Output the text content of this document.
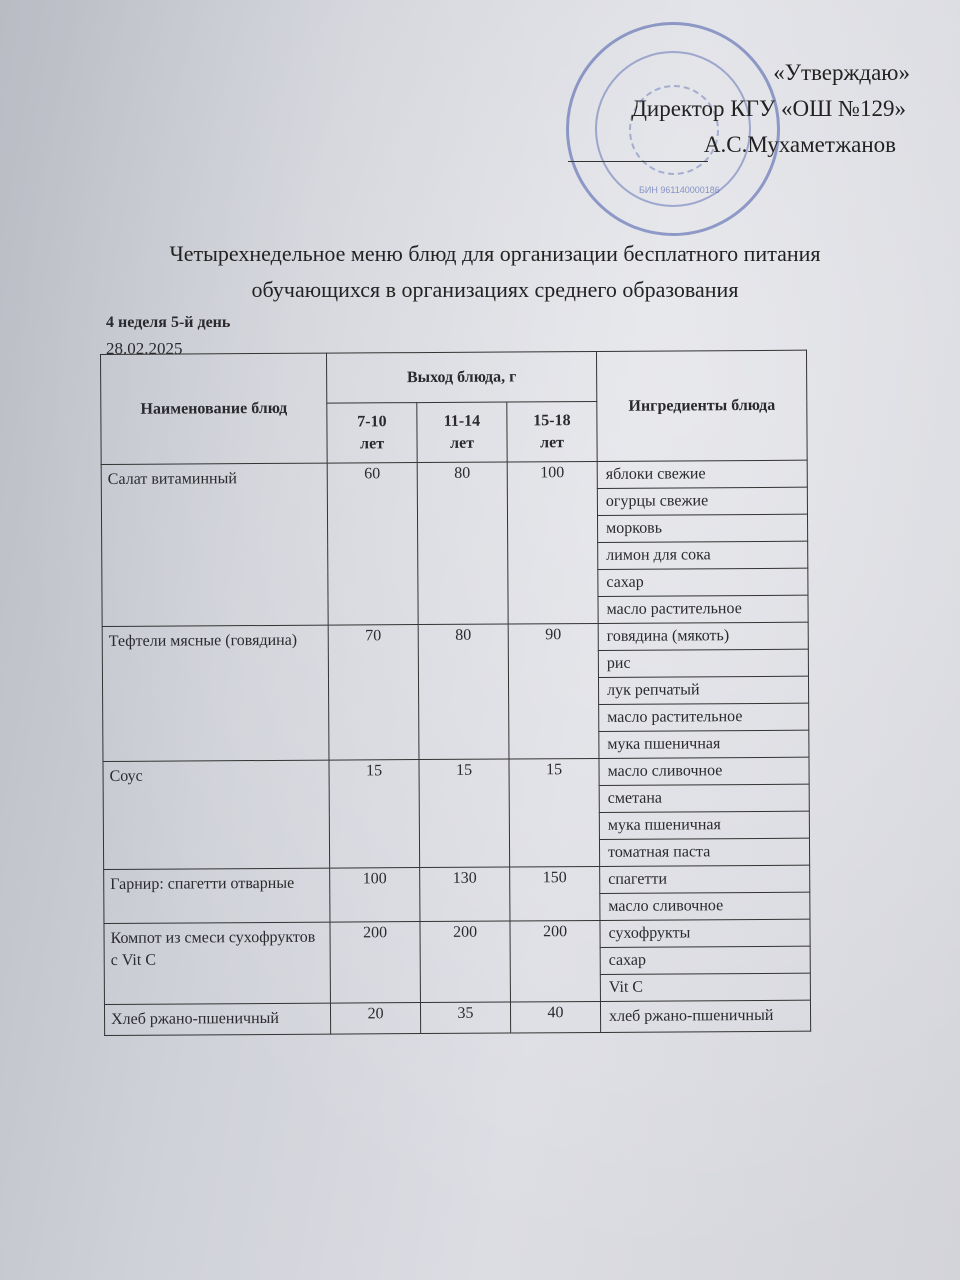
БИН 961140000186
«Утверждаю»
Директор КГУ «ОШ №129»
А.С.Мухаметжанов
Четырехнедельное меню блюд для организации бесплатного питания
обучающихся в организациях среднего образования
4 неделя 5-й день
28.02.2025
Наименование блюд	Выход блюда, г			Ингредиенты блюда
	7-10 лет	11-14 лет	15-18 лет	
Салат витаминный	60	80	100	яблоки свежие
				огурцы свежие
				морковь
				лимон для сока
				сахар
				масло растительное
Тефтели мясные (говядина)	70	80	90	говядина (мякоть)
				рис
				лук репчатый
				масло растительное
				мука пшеничная
Соус	15	15	15	масло сливочное
				сметана
				мука пшеничная
				томатная паста
Гарнир: спагетти отварные	100	130	150	спагетти
				масло сливочное
Компот из смеси сухофруктов с Vit C	200	200	200	сухофрукты
				сахар
				Vit C
Хлеб ржано-пшеничный	20	35	40	хлеб ржано-пшеничный
